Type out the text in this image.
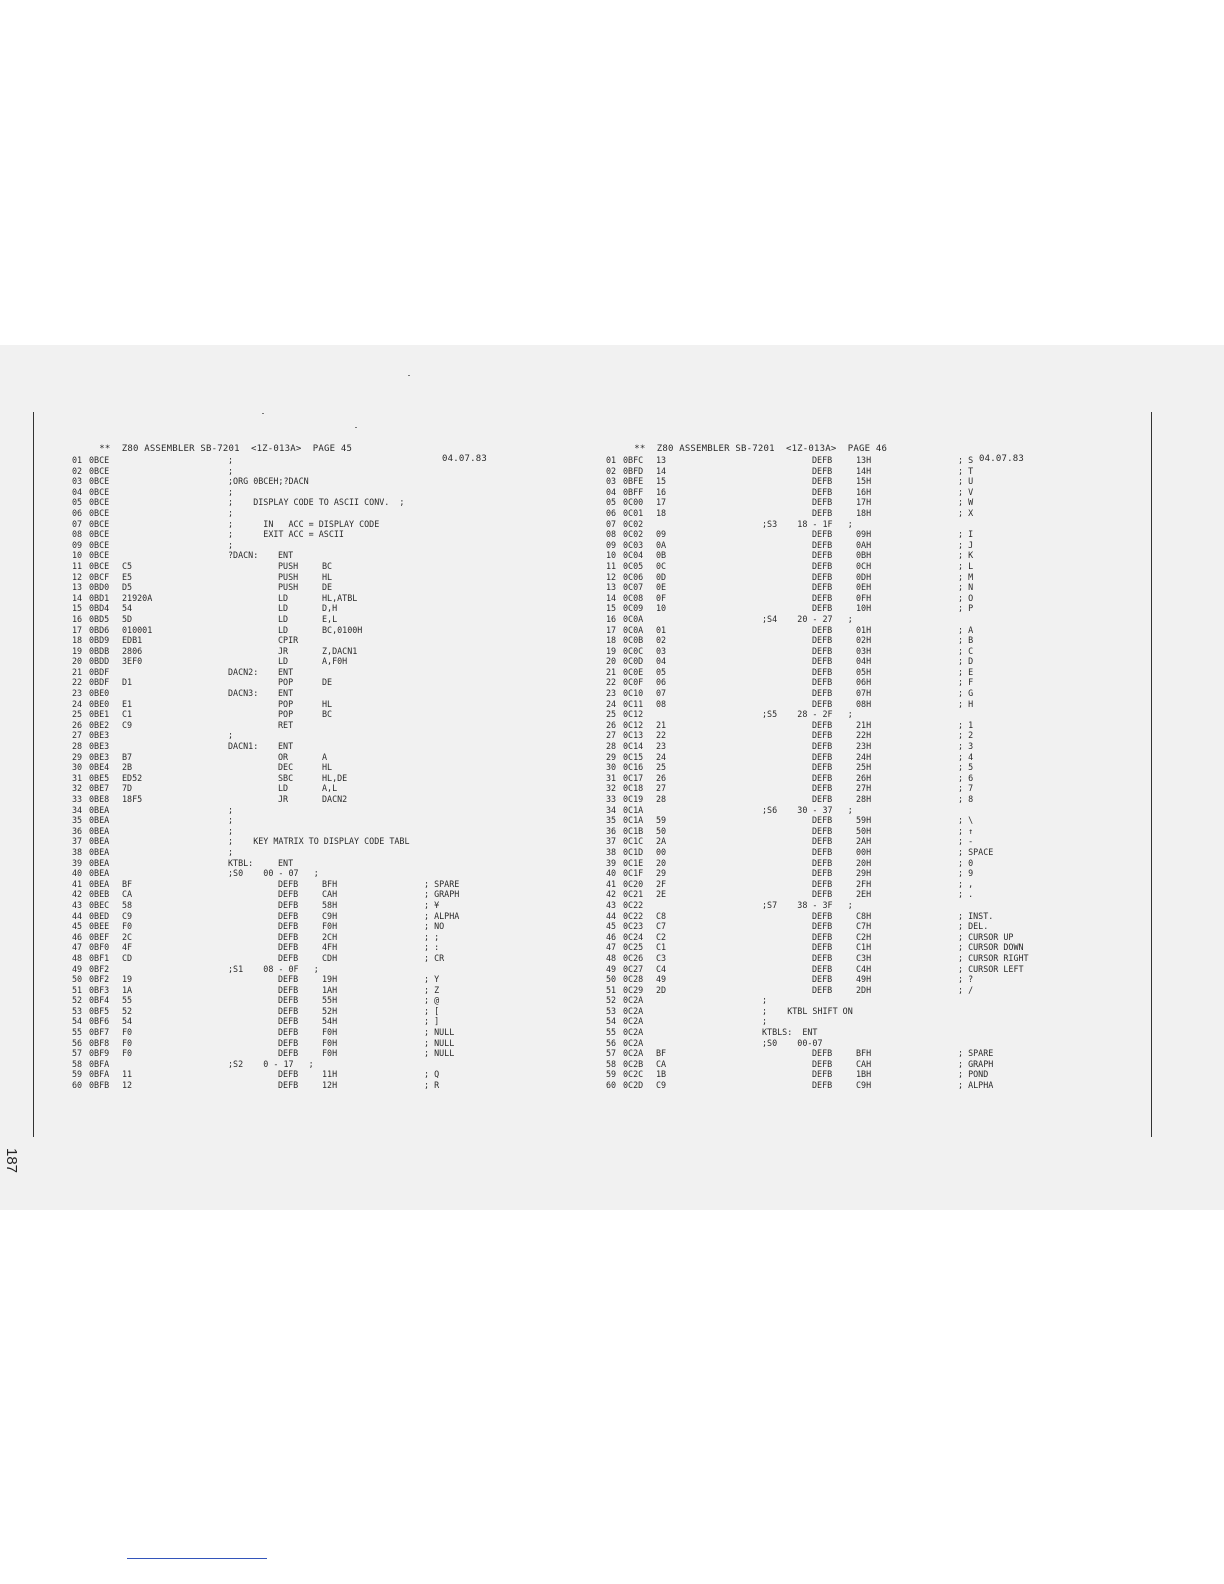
187

**  Z80 ASSEMBLER SB-7201  <1Z-013A>  PAGE 45

04.07.83

**  Z80 ASSEMBLER SB-7201  <1Z-013A>  PAGE 46

04.07.83

01 0BCE	;
02 0BCE	;
03 0BCE	;ORG 0BCEH;?DACN
04 0BCE	;
05 0BCE	;    DISPLAY CODE TO ASCII CONV.  ;
06 0BCE	;
07 0BCE	;      IN   ACC = DISPLAY CODE
08 0BCE	;      EXIT ACC = ASCII
09 0BCE	;
10 0BCE	?DACN: ENT
11 0BCE C5	PUSH	BC
12 0BCF E5	PUSH	HL
13 0BD0 D5	PUSH	DE
14 0BD1 21920A	LD	HL,ATBL
15 0BD4 54	LD	D,H
16 0BD5 5D	LD	E,L
17 0BD6 010001	LD	BC,0100H
18 0BD9 EDB1	CPIR
19 0BDB 2806	JR	Z,DACN1
20 0BDD 3EF0	LD	A,F0H
21 0BDF	DACN2: ENT
22 0BDF D1	POP	DE
23 0BE0	DACN3: ENT
24 0BE0 E1	POP	HL
25 0BE1 C1	POP	BC
26 0BE2 C9	RET
27 0BE3	;
28 0BE3	DACN1: ENT
29 0BE3 B7	OR	A
30 0BE4 2B	DEC	HL
31 0BE5 ED52	SBC	HL,DE
32 0BE7 7D	LD	A,L
33 0BE8 18F5	JR	DACN2
34 0BEA	;
35 0BEA	;
36 0BEA	;
37 0BEA	;    KEY MATRIX TO DISPLAY CODE TABL
38 0BEA	;
39 0BEA	KTBL:	ENT
40 0BEA	;S0    00 - 07   ;
41 0BEA BF	DEFB	BFH	; SPARE
42 0BEB CA	DEFB	CAH	; GRAPH
43 0BEC 58	DEFB	58H	; ¥
44 0BED C9	DEFB	C9H	; ALPHA
45 0BEE F0	DEFB	F0H	; NO
46 0BEF 2C	DEFB	2CH	; ;
47 0BF0 4F	DEFB	4FH	; :
48 0BF1 CD	DEFB	CDH	; CR
49 0BF2	;S1    08 - 0F   ;
50 0BF2 19	DEFB	19H	; Y
51 0BF3 1A	DEFB	1AH	; Z
52 0BF4 55	DEFB	55H	; @
53 0BF5 52	DEFB	52H	; [
54 0BF6 54	DEFB	54H	; ]
55 0BF7 F0	DEFB	F0H	; NULL
56 0BF8 F0	DEFB	F0H	; NULL
57 0BF9 F0	DEFB	F0H	; NULL
58 0BFA	;S2    0 - 17   ;
59 0BFA 11	DEFB	11H	; Q
60 0BFB 12	DEFB	12H	; R
01 0BFC 13	DEFB	13H	; S
02 0BFD 14	DEFB	14H	; T
03 0BFE 15	DEFB	15H	; U
04 0BFF 16	DEFB	16H	; V
05 0C00 17	DEFB	17H	; W
06 0C01 18	DEFB	18H	; X
07 0C02	;S3    18 - 1F   ;
08 0C02 09	DEFB	09H	; I
09 0C03 0A	DEFB	0AH	; J
10 0C04 0B	DEFB	0BH	; K
11 0C05 0C	DEFB	0CH	; L
12 0C06 0D	DEFB	0DH	; M
13 0C07 0E	DEFB	0EH	; N
14 0C08 0F	DEFB	0FH	; O
15 0C09 10	DEFB	10H	; P
16 0C0A	;S4    20 - 27   ;
17 0C0A 01	DEFB	01H	; A
18 0C0B 02	DEFB	02H	; B
19 0C0C 03	DEFB	03H	; C
20 0C0D 04	DEFB	04H	; D
21 0C0E 05	DEFB	05H	; E
22 0C0F 06	DEFB	06H	; F
23 0C10 07	DEFB	07H	; G
24 0C11 08	DEFB	08H	; H
25 0C12	;S5    28 - 2F   ;
26 0C12 21	DEFB	21H	; 1
27 0C13 22	DEFB	22H	; 2
28 0C14 23	DEFB	23H	; 3
29 0C15 24	DEFB	24H	; 4
30 0C16 25	DEFB	25H	; 5
31 0C17 26	DEFB	26H	; 6
32 0C18 27	DEFB	27H	; 7
33 0C19 28	DEFB	28H	; 8
34 0C1A	;S6    30 - 37   ;
35 0C1A 59	DEFB	59H	; \
36 0C1B 50	DEFB	50H	; ↑
37 0C1C 2A	DEFB	2AH	; -
38 0C1D 00	DEFB	00H	; SPACE
39 0C1E 20	DEFB	20H	; 0
40 0C1F 29	DEFB	29H	; 9
41 0C20 2F	DEFB	2FH	; ,
42 0C21 2E	DEFB	2EH	; .
43 0C22	;S7    38 - 3F   ;
44 0C22 C8	DEFB	C8H	; INST.
45 0C23 C7	DEFB	C7H	; DEL.
46 0C24 C2	DEFB	C2H	; CURSOR UP
47 0C25 C1	DEFB	C1H	; CURSOR DOWN
48 0C26 C3	DEFB	C3H	; CURSOR RIGHT
49 0C27 C4	DEFB	C4H	; CURSOR LEFT
50 0C28 49	DEFB	49H	; ?
51 0C29 2D	DEFB	2DH	; /
52 0C2A	;
53 0C2A	;    KTBL SHIFT ON
54 0C2A	;
55 0C2A	KTBLS:  ENT
56 0C2A	;S0    00-07
57 0C2A BF	DEFB	BFH	; SPARE
58 0C2B CA	DEFB	CAH	; GRAPH
59 0C2C 1B	DEFB	1BH	; POND
60 0C2D C9	DEFB	C9H	; ALPHA
